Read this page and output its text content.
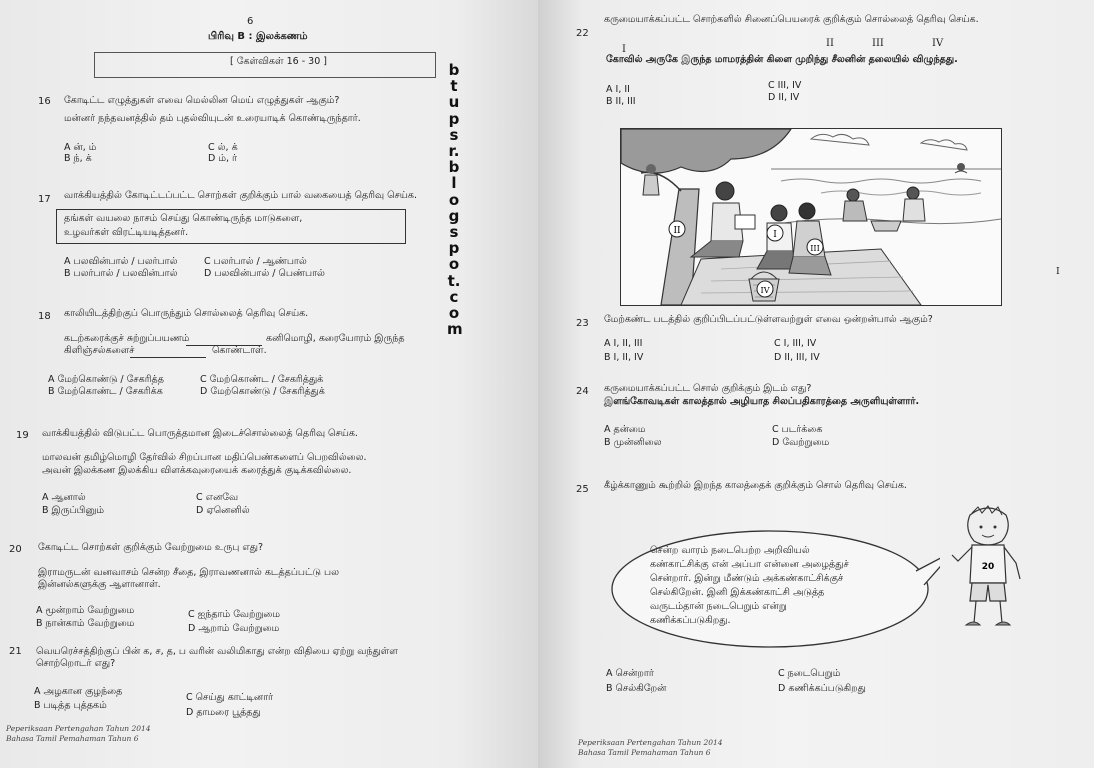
6
பிரிவு B : இலக்கணம்
[ கேள்விகள் 16 - 30 ]
16 கோடிட்ட எழுத்துகள் எவை மெல்லின மெய் எழுத்துகள் ஆகும்?
மன்னர் நந்தவனத்தில் தம் புதல்வியுடன் உரையாடிக் கொண்டிருந்தார்.
A ன், ம்
B ந், க்
C ல், க்
D ம், ர்
17 வாக்கியத்தில் கோடிட்டப்பட்ட சொற்கள் குறிக்கும் பால் வகையைத் தெரிவு செய்க.
தங்கள் வயலை நாசம் செய்து கொண்டிருந்த மாடுகளை,
உழவர்கள் விரட்டியடித்தனர்.
A பலவின்பால் / பலர்பால்
B பலர்பால் / பலவின்பால்
C பலர்பால் / ஆண்பால்
D பலவின்பால் / பெண்பால்
18 காலியிடத்திற்குப் பொருந்தும் சொல்லைத் தெரிவு செய்க.
கடற்கரைக்குச் சுற்றுப்பயணம்	கனிமொழி, கரையோரம் இருந்த
கிளிஞ்சல்களைச்	கொண்டாள்.
A மேற்கொண்டு / சேகரித்த
B மேற்கொண்ட / சேகரிக்க
C மேற்கொண்ட / சேகரித்துக்
D மேற்கொண்டு / சேகரித்துக்
19 வாக்கியத்தில் விடுபட்ட பொருத்தமான இடைச்சொல்லைத் தெரிவு செய்க.
மாலவன் தமிழ்மொழி தேர்வில் சிறப்பான மதிப்பெண்களைப் பெறவில்லை.
அவன் இலக்கண இலக்கிய விளக்கவுரையைக் கரைத்துக் குடிக்கவில்லை.
A ஆனால்
B இருப்பினும்
C எனவே
D ஏனெனில்
20 கோடிட்ட சொற்கள் குறிக்கும் வேற்றுமை உருபு எது?
இராமருடன் வனவாசம் சென்ற சீதை, இராவணனால் கடத்தப்பட்டு பல
இன்னல்களுக்கு ஆளானாள்.
A மூன்றாம் வேற்றுமை
B நான்காம் வேற்றுமை
C ஐந்தாம் வேற்றுமை
D ஆறாம் வேற்றுமை
21 வெயரெச்சத்திற்குப் பின் க, ச, த, ப வரின் வலிமிகாது என்ற விதியை ஏற்று வந்துள்ள
சொற்றொடர் எது?
A அழகான குழந்தை
B படித்த புத்தகம்
C செய்து காட்டினார்
D தாமரை பூத்தது
Peperiksaan Pertengahan Tahun 2014
Bahasa Tamil Pemahaman Tahun 6
btupsr.blogspot.com
22
கருமையாக்கப்பட்ட சொற்களில் சினைப்பெயரைக் குறிக்கும் சொல்லைத் தெரிவு செய்க.
I
II	III	IV
கோவில் அருகே இருந்த மாமரத்தின் கிளை முறிந்து சீலனின் தலையில் விழுந்தது.
A I, II
B II, III
C III, IV
D II, IV
23 மேற்கண்ட படத்தில் குறிப்பிடப்பட்டுள்ளவற்றுள் எவை ஒன்றன்பால் ஆகும்?
A I, II, III
B I, II, IV
C I, III, IV
D II, III, IV
24 கருமையாக்கப்பட்ட சொல் குறிக்கும் இடம் எது?
இளங்கோவடிகள் காலத்தால் அழியாத சிலப்பதிகாரத்தை அருளியுள்ளார்.
A தன்மை
B முன்னிலை
C படர்க்கை
D வேற்றுமை
25 கீழ்க்காணும் கூற்றில் இறந்த காலத்தைக் குறிக்கும் சொல் தெரிவு செய்க.
A சென்றார்
B செல்கிறேன்
C நடைபெறும்
D கணிக்கப்படுகிறது
I
Peperiksaan Pertengahan Tahun 2014
Bahasa Tamil Pemahaman Tahun 6
I
II
III
IV
சென்ற வாரம் நடைபெற்ற அறிவியல்
கண்காட்சிக்கு என் அப்பா என்னை அழைத்துச்
சென்றார். இன்று மீண்டும் அக்கண்காட்சிக்குச்
செல்கிறேன். இனி இக்கண்காட்சி அடுத்த
வருடம்தான் நடைபெறும் என்று
கணிக்கப்படுகிறது.
20
